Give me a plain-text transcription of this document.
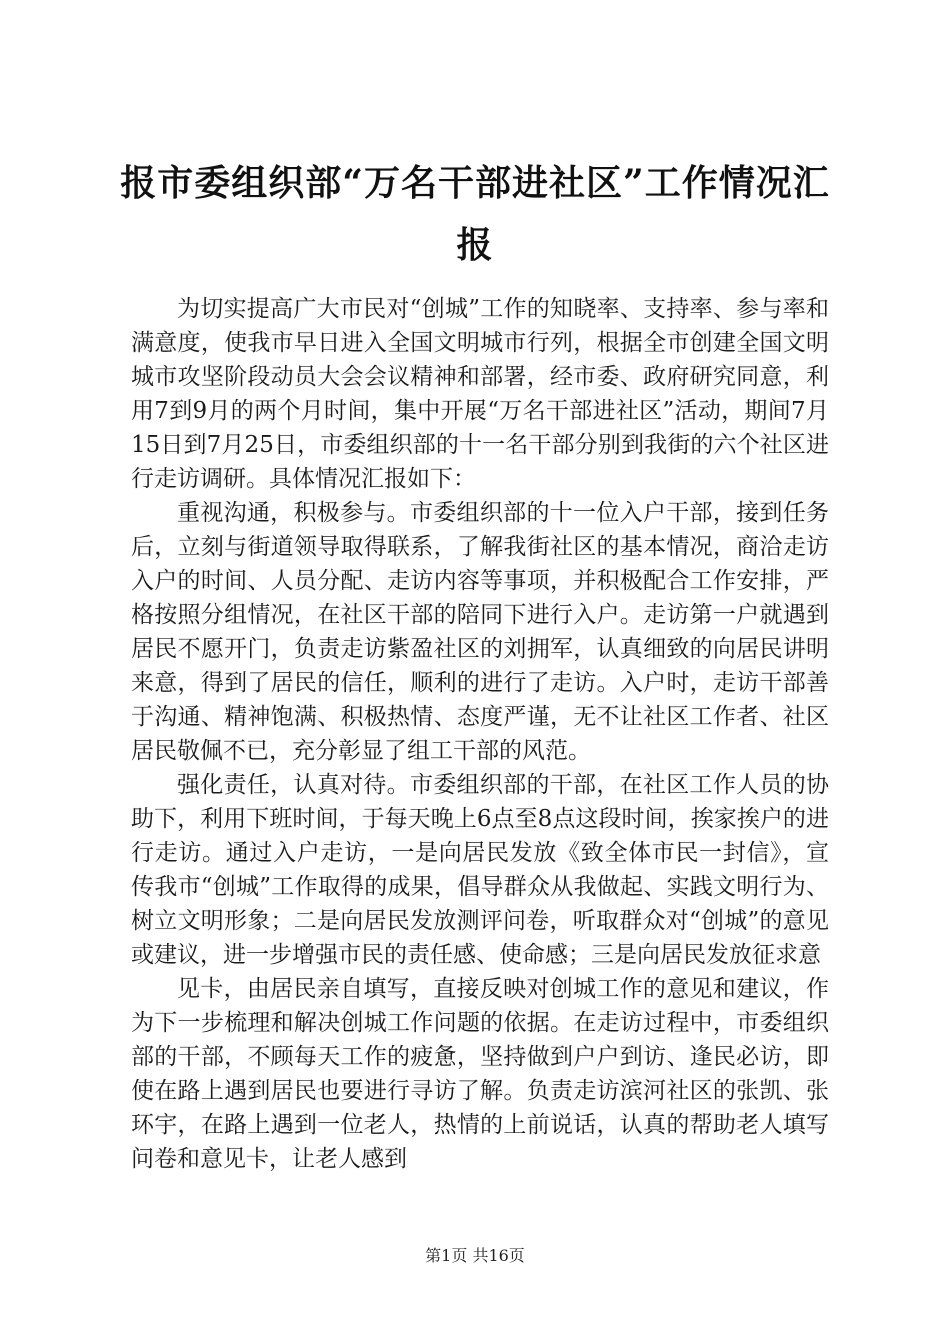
报市委组织部“万名干部进社区”工作情况汇报

为切实提高广大市民对“创城”工作的知晓率、支持率、参与率和满意度，使我市早日进入全国文明城市行列，根据全市创建全国文明城市攻坚阶段动员大会会议精神和部署，经市委、政府研究同意，利用7到9月的两个月时间，集中开展“万名干部进社区”活动，期间7月15日到7月25日，市委组织部的十一名干部分别到我街的六个社区进行走访调研。具体情况汇报如下：

重视沟通，积极参与。市委组织部的十一位入户干部，接到任务后，立刻与街道领导取得联系，了解我街社区的基本情况，商洽走访入户的时间、人员分配、走访内容等事项，并积极配合工作安排，严格按照分组情况，在社区干部的陪同下进行入户。走访第一户就遇到居民不愿开门，负责走访紫盈社区的刘拥军，认真细致的向居民讲明来意，得到了居民的信任，顺利的进行了走访。入户时，走访干部善于沟通、精神饱满、积极热情、态度严谨，无不让社区工作者、社区居民敬佩不已，充分彰显了组工干部的风范。

强化责任，认真对待。市委组织部的干部，在社区工作人员的协助下，利用下班时间，于每天晚上6点至8点这段时间，挨家挨户的进行走访。通过入户走访，一是向居民发放《致全体市民一封信》，宣传我市“创城”工作取得的成果，倡导群众从我做起、实践文明行为、树立文明形象；二是向居民发放测评问卷，听取群众对“创城”的意见或建议，进一步增强市民的责任感、使命感；三是向居民发放征求意

见卡，由居民亲自填写，直接反映对创城工作的意见和建议，作为下一步梳理和解决创城工作问题的依据。在走访过程中，市委组织部的干部，不顾每天工作的疲惫，坚持做到户户到访、逢民必访，即使在路上遇到居民也要进行寻访了解。负责走访滨河社区的张凯、张环宇，在路上遇到一位老人，热情的上前说话，认真的帮助老人填写问卷和意见卡，让老人感到

第1页 共16页
